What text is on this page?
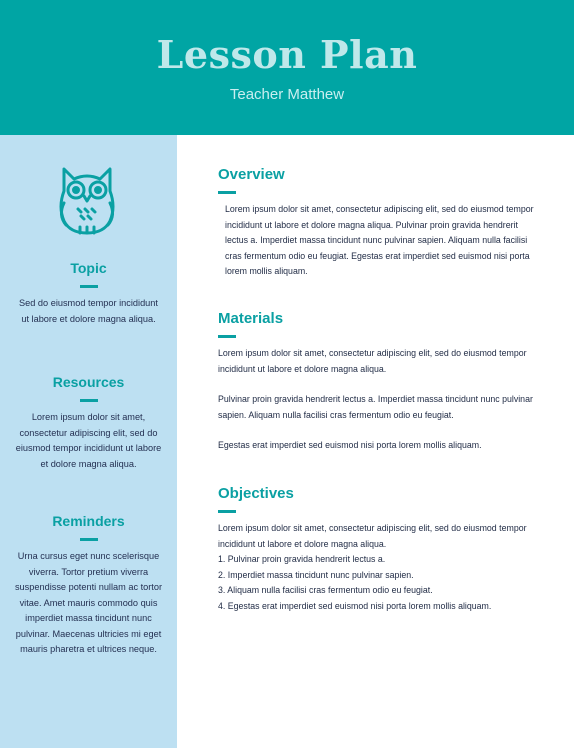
Lesson Plan
Teacher Matthew
Topic
Sed do eiusmod tempor incididunt ut labore et dolore magna aliqua.
Resources
Lorem ipsum dolor sit amet, consectetur adipiscing elit, sed do eiusmod tempor incididunt ut labore et dolore magna aliqua.
Reminders
Urna cursus eget nunc scelerisque viverra. Tortor pretium viverra suspendisse potenti nullam ac tortor vitae. Amet mauris commodo quis imperdiet massa tincidunt nunc pulvinar. Maecenas ultricies mi eget mauris pharetra et ultrices neque.
Overview
Lorem ipsum dolor sit amet, consectetur adipiscing elit, sed do eiusmod tempor incididunt ut labore et dolore magna aliqua. Pulvinar proin gravida hendrerit lectus a. Imperdiet massa tincidunt nunc pulvinar sapien. Aliquam nulla facilisi cras fermentum odio eu feugiat. Egestas erat imperdiet sed euismod nisi porta lorem mollis aliquam.
Materials

Lorem ipsum dolor sit amet, consectetur adipiscing elit, sed do eiusmod tempor incididunt ut labore et dolore magna aliqua.

Pulvinar proin gravida hendrerit lectus a. Imperdiet massa tincidunt nunc pulvinar sapien. Aliquam nulla facilisi cras fermentum odio eu feugiat.

Egestas erat imperdiet sed euismod nisi porta lorem mollis aliquam.

Objectives

Lorem ipsum dolor sit amet, consectetur adipiscing elit, sed do eiusmod tempor incididunt ut labore et dolore magna aliqua.

1. Pulvinar proin gravida hendrerit lectus a.

2. Imperdiet massa tincidunt nunc pulvinar sapien.

3. Aliquam nulla facilisi cras fermentum odio eu feugiat.

4. Egestas erat imperdiet sed euismod nisi porta lorem mollis aliquam.
